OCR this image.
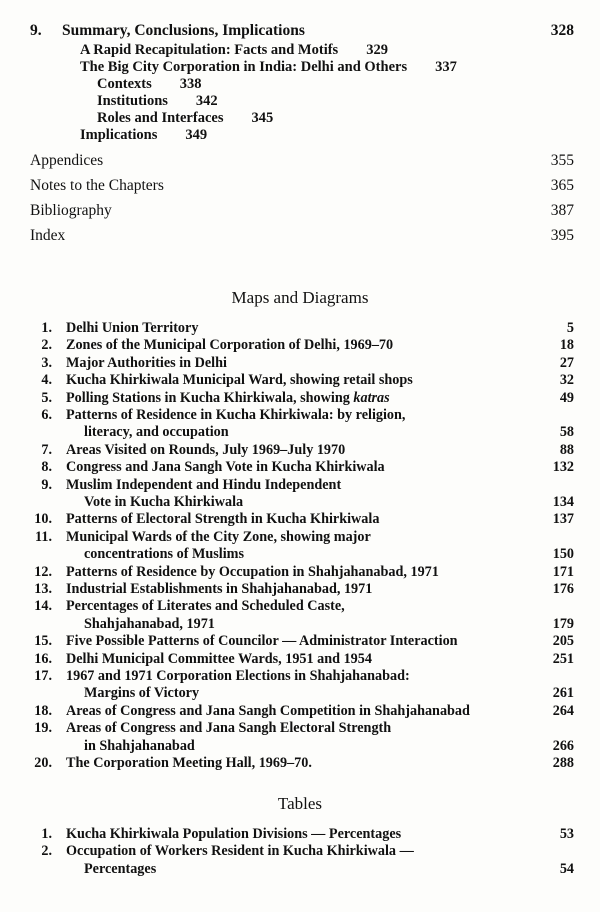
9. Summary, Conclusions, Implications	328
A Rapid Recapitulation: Facts and Motifs 329
The Big City Corporation in India: Delhi and Others 337
Contexts 338
Institutions 342
Roles and Interfaces 345
Implications 349
Appendices	355
Notes to the Chapters	365
Bibliography	387
Index	395
Maps and Diagrams
1. Delhi Union Territory	5
2. Zones of the Municipal Corporation of Delhi, 1969–70	18
3. Major Authorities in Delhi	27
4. Kucha Khirkiwala Municipal Ward, showing retail shops	32
5. Polling Stations in Kucha Khirkiwala, showing katras	49
6. Patterns of Residence in Kucha Khirkiwala: by religion,
literacy, and occupation	58
7. Areas Visited on Rounds, July 1969–July 1970	88
8. Congress and Jana Sangh Vote in Kucha Khirkiwala	132
9. Muslim Independent and Hindu Independent
Vote in Kucha Khirkiwala	134
10. Patterns of Electoral Strength in Kucha Khirkiwala	137
11. Municipal Wards of the City Zone, showing major
concentrations of Muslims	150
12. Patterns of Residence by Occupation in Shahjahanabad, 1971	171
13. Industrial Establishments in Shahjahanabad, 1971	176
14. Percentages of Literates and Scheduled Caste,
Shahjahanabad, 1971	179
15. Five Possible Patterns of Councilor — Administrator Interaction	205
16. Delhi Municipal Committee Wards, 1951 and 1954	251
17. 1967 and 1971 Corporation Elections in Shahjahanabad:
Margins of Victory	261
18. Areas of Congress and Jana Sangh Competition in Shahjahanabad	264
19. Areas of Congress and Jana Sangh Electoral Strength
in Shahjahanabad	266
20. The Corporation Meeting Hall, 1969–70.	288
Tables
1. Kucha Khirkiwala Population Divisions — Percentages	53
2. Occupation of Workers Resident in Kucha Khirkiwala —
Percentages	54
